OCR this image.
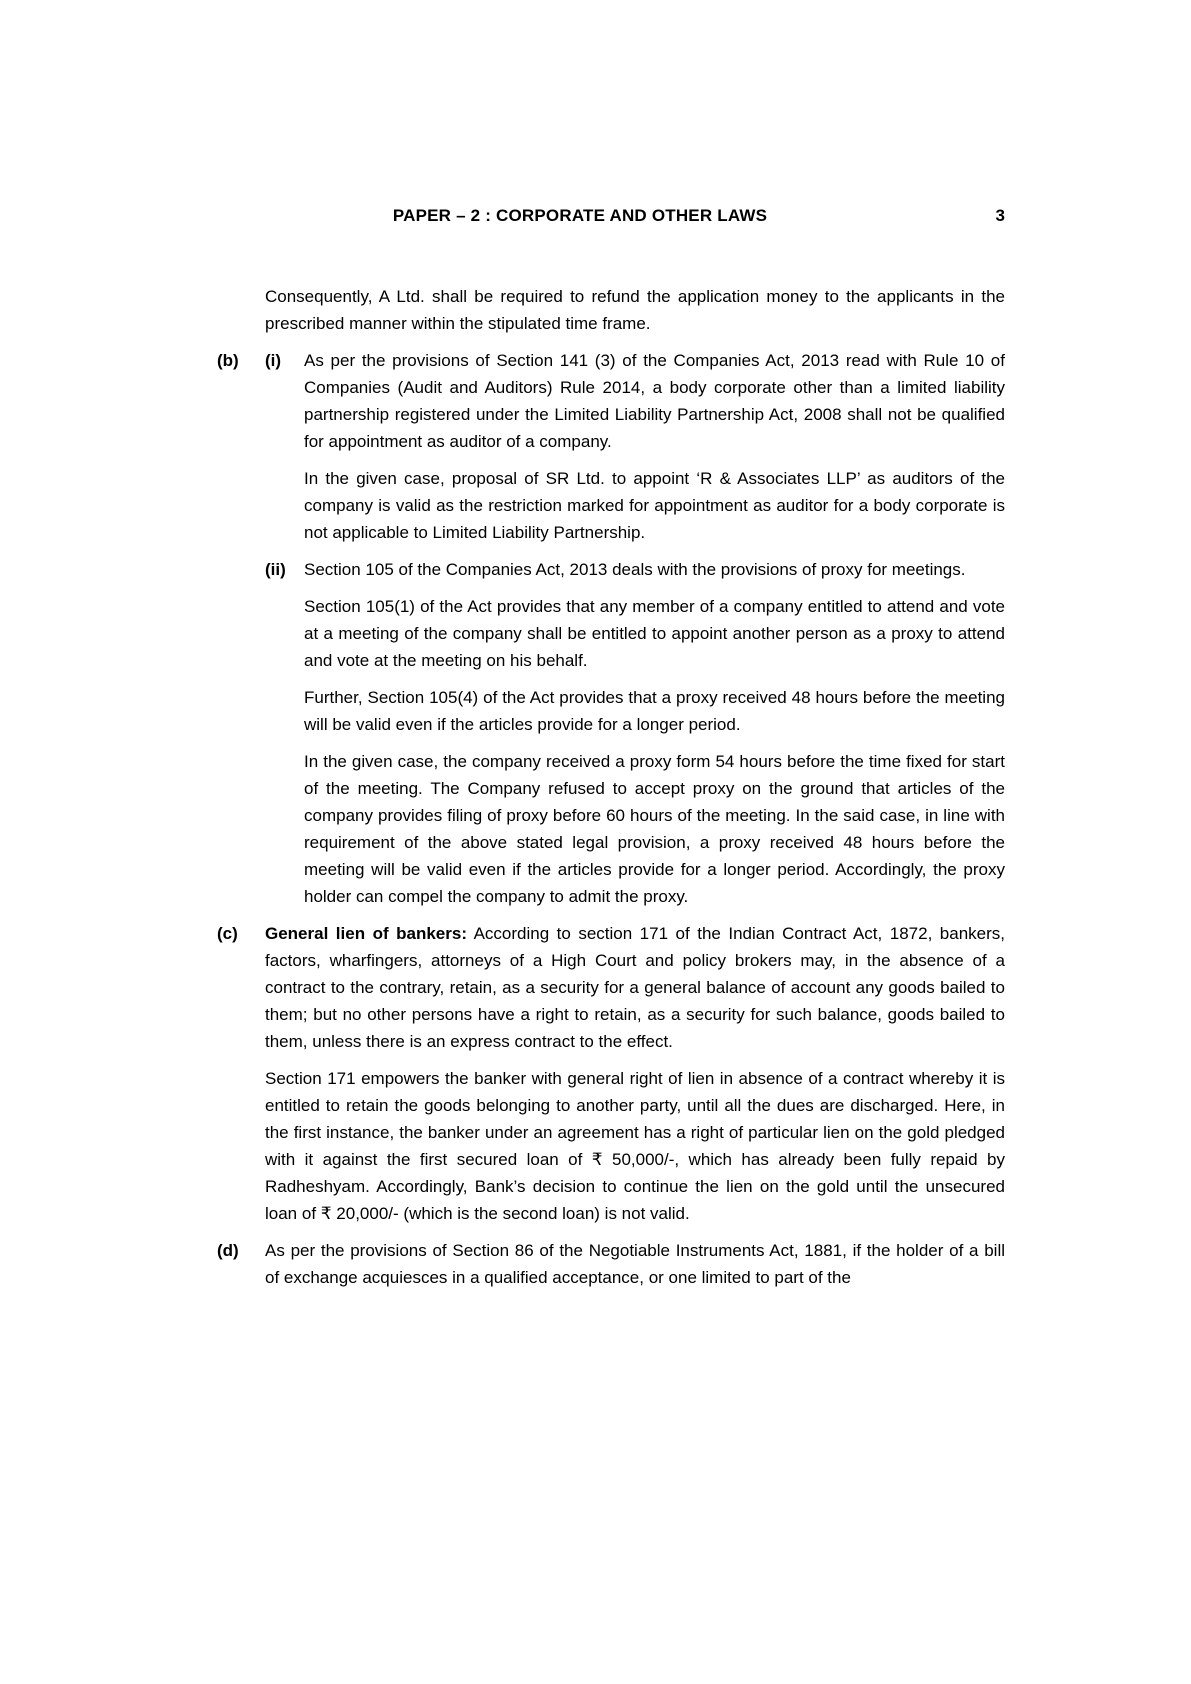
PAPER – 2 : CORPORATE AND OTHER LAWS	3

Consequently, A Ltd. shall be required to refund the application money to the applicants in the prescribed manner within the stipulated time frame.

(b)	(i)	As per the provisions of Section 141 (3) of the Companies Act, 2013 read with Rule 10 of Companies (Audit and Auditors) Rule 2014, a body corporate other than a limited liability partnership registered under the Limited Liability Partnership Act, 2008 shall not be qualified for appointment as auditor of a company.

In the given case, proposal of SR Ltd. to appoint ‘R & Associates LLP’ as auditors of the company is valid as the restriction marked for appointment as auditor for a body corporate is not applicable to Limited Liability Partnership.

(ii)	Section 105 of the Companies Act, 2013 deals with the provisions of proxy for meetings.

Section 105(1) of the Act provides that any member of a company entitled to attend and vote at a meeting of the company shall be entitled to appoint another person as a proxy to attend and vote at the meeting on his behalf.

Further, Section 105(4) of the Act provides that a proxy received 48 hours before the meeting will be valid even if the articles provide for a longer period.

In the given case, the company received a proxy form 54 hours before the time fixed for start of the meeting. The Company refused to accept proxy on the ground that articles of the company provides filing of proxy before 60 hours of the meeting. In the said case, in line with requirement of the above stated legal provision, a proxy received 48 hours before the meeting will be valid even if the articles provide for a longer period. Accordingly, the proxy holder can compel the company to admit the proxy.

(c)	General lien of bankers: According to section 171 of the Indian Contract Act, 1872, bankers, factors, wharfingers, attorneys of a High Court and policy brokers may, in the absence of a contract to the contrary, retain, as a security for a general balance of account any goods bailed to them; but no other persons have a right to retain, as a security for such balance, goods bailed to them, unless there is an express contract to the effect.

Section 171 empowers the banker with general right of lien in absence of a contract whereby it is entitled to retain the goods belonging to another party, until all the dues are discharged. Here, in the first instance, the banker under an agreement has a right of particular lien on the gold pledged with it against the first secured loan of ₹ 50,000/-, which has already been fully repaid by Radheshyam. Accordingly, Bank’s decision to continue the lien on the gold until the unsecured loan of ₹ 20,000/- (which is the second loan) is not valid.

(d)	As per the provisions of Section 86 of the Negotiable Instruments Act, 1881, if the holder of a bill of exchange acquiesces in a qualified acceptance, or one limited to part of the
